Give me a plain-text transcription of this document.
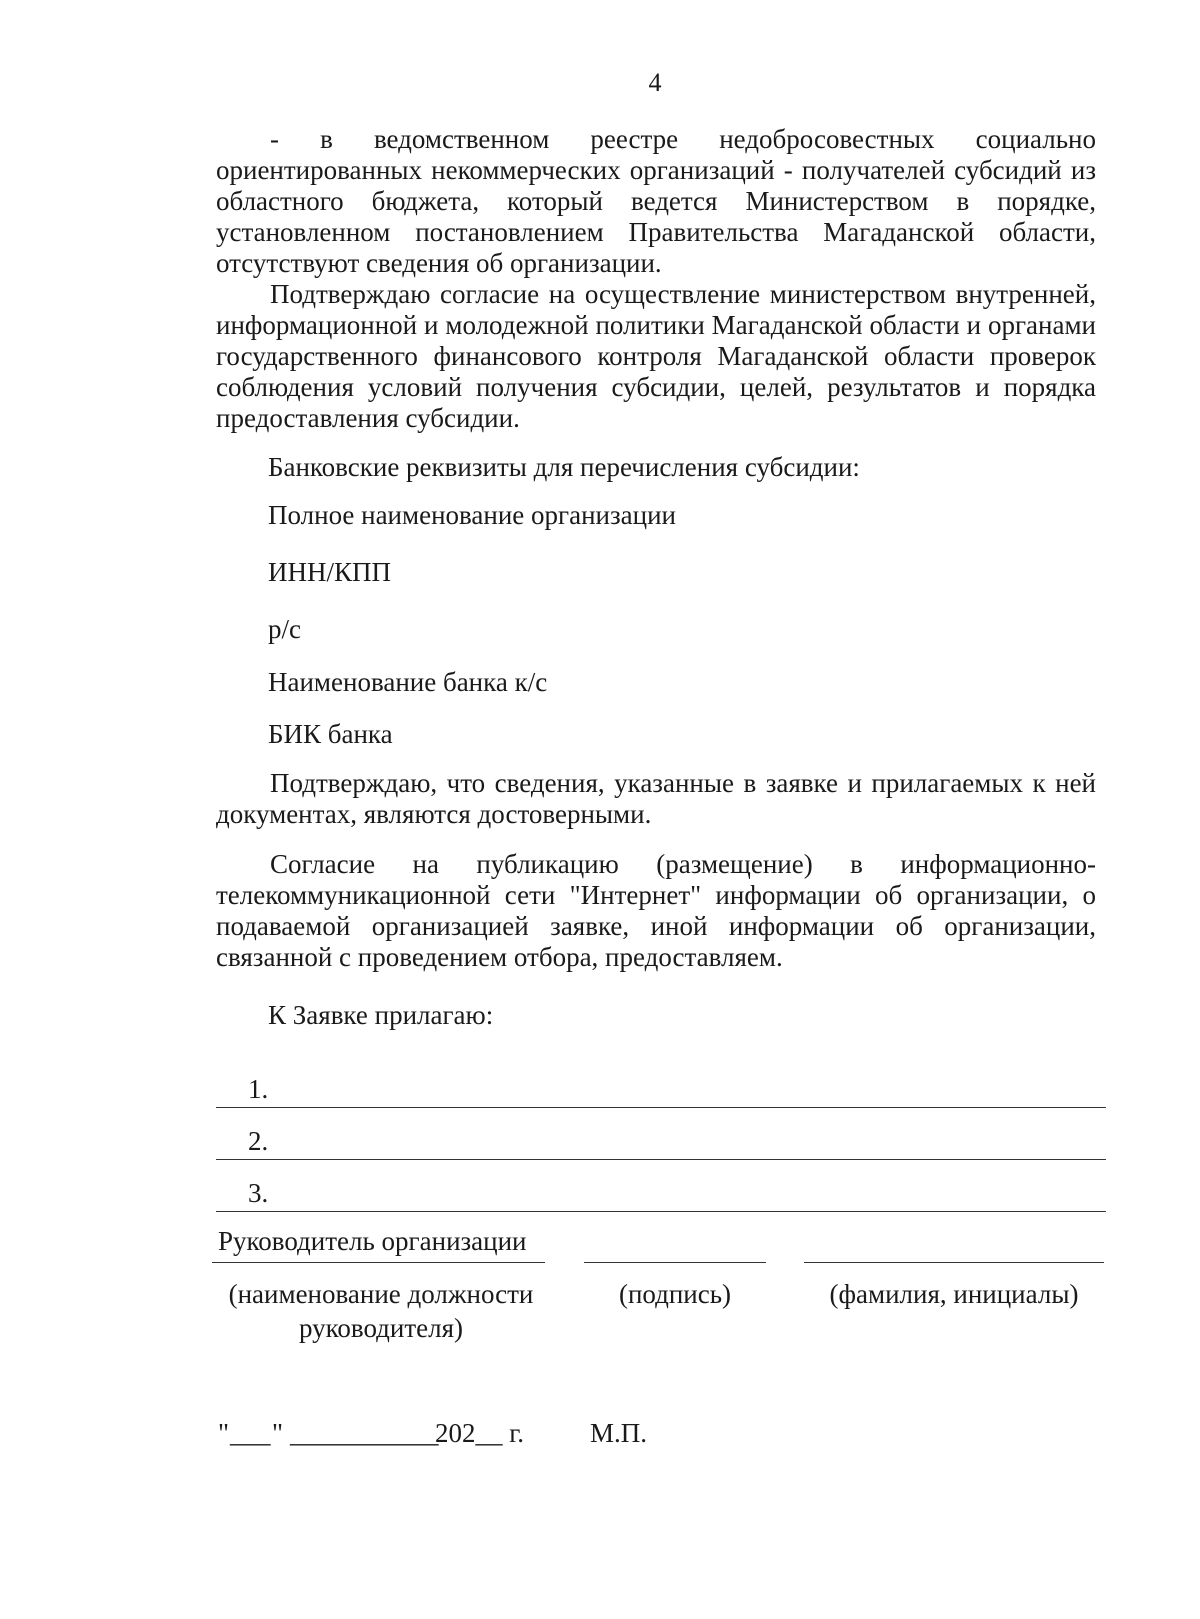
4

- в ведомственном реестре недобросовестных социально ориентированных некоммерческих организаций - получателей субсидий из областного бюджета, который ведется Министерством в порядке, установленном постановлением Правительства Магаданской области, отсутствуют сведения об организации.

Подтверждаю согласие на осуществление министерством внутренней, информационной и молодежной политики Магаданской области и органами государственного финансового контроля Магаданской области проверок соблюдения условий получения субсидии, целей, результатов и порядка предоставления субсидии.

Банковские реквизиты для перечисления субсидии:
Полное наименование организации
ИНН/КПП
р/с
Наименование банка к/с
БИК банка

Подтверждаю, что сведения, указанные в заявке и прилагаемых к ней документах, являются достоверными.

Согласие на публикацию (размещение) в информационно-телекоммуникационной сети "Интернет" информации об организации, о подаваемой организацией заявке, иной информации об организации, связанной с проведением отбора, предоставляем.

К Заявке прилагаю:
1.
2.
3.
Руководитель организации
(наименование должности руководителя)
(подпись)	(фамилия, инициалы)
" ___ " ___________
202__ г. М.П.
